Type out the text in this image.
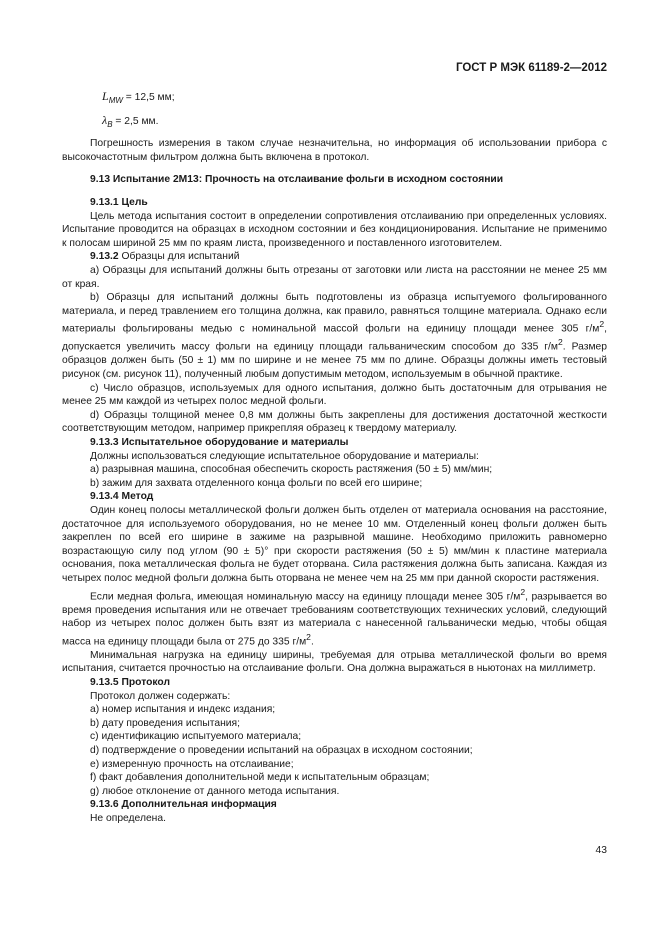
ГОСТ Р МЭК 61189-2—2012
$L_{MW} = 12,5$ мм;
$\lambda_B = 2,5$ мм.

Погрешность измерения в таком случае незначительна, но информация об использовании прибора с высокочастотным фильтром должна быть включена в протокол.

9.13 Испытание 2M13: Прочность на отслаивание фольги в исходном состоянии

9.13.1 Цель

Цель метода испытания состоит в определении сопротивления отслаиванию при определенных условиях. Испытание проводится на образцах в исходном состоянии и без кондиционирования. Испытание не применимо к полосам шириной 25 мм по краям листа, произведенного и поставленного изготовителем.

9.13.2 Образцы для испытаний

a) Образцы для испытаний должны быть отрезаны от заготовки или листа на расстоянии не менее 25 мм от края.

b) Образцы для испытаний должны быть подготовлены из образца испытуемого фольгированного материала, и перед травлением его толщина должна, как правило, равняться толщине материала. Однако если материалы фольгированы медью с номинальной массой фольги на единицу площади менее 305 $г/м^2$, допускается увеличить массу фольги на единицу площади гальваническим способом до 335 $г/м^2$. Размер образцов должен быть (50 ± 1) мм по ширине и не менее 75 мм по длине. Образцы должны иметь тестовый рисунок (см. рисунок 11), полученный любым допустимым методом, используемым в обычной практике.

c) Число образцов, используемых для одного испытания, должно быть достаточным для отрывания не менее 25 мм каждой из четырех полос медной фольги.

d) Образцы толщиной менее 0,8 мм должны быть закреплены для достижения достаточной жесткости соответствующим методом, например прикрепляя образец к твердому материалу.

9.13.3 Испытательное оборудование и материалы

Должны использоваться следующие испытательное оборудование и материалы:

a) разрывная машина, способная обеспечить скорость растяжения (50 ± 5) мм/мин;

b) зажим для захвата отделенного конца фольги по всей его ширине;

9.13.4 Метод

Один конец полосы металлической фольги должен быть отделен от материала основания на расстояние, достаточное для используемого оборудования, но не менее 10 мм. Отделенный конец фольги должен быть закреплен по всей его ширине в зажиме на разрывной машине. Необходимо приложить равномерно возрастающую силу под углом (90 ± 5)° при скорости растяжения (50 ± 5) мм/мин к пластине материала основания, пока металлическая фольга не будет оторвана. Сила растяжения должна быть записана. Каждая из четырех полос медной фольги должна быть оторвана не менее чем на 25 мм при данной скорости растяжения.

Если медная фольга, имеющая номинальную массу на единицу площади менее 305 $г/м^2$, разрывается во время проведения испытания или не отвечает требованиям соответствующих технических условий, следующий набор из четырех полос должен быть взят из материала с нанесенной гальванически медью, чтобы общая масса на единицу площади была от 275 до 335 $г/м^2$.

Минимальная нагрузка на единицу ширины, требуемая для отрыва металлической фольги во время испытания, считается прочностью на отслаивание фольги. Она должна выражаться в ньютонах на миллиметр.

9.13.5 Протокол

Протокол должен содержать:

a) номер испытания и индекс издания;

b) дату проведения испытания;

c) идентификацию испытуемого материала;

d) подтверждение о проведении испытаний на образцах в исходном состоянии;

e) измеренную прочность на отслаивание;

f) факт добавления дополнительной меди к испытательным образцам;

g) любое отклонение от данного метода испытания.

9.13.6 Дополнительная информация

Не определена.

43
